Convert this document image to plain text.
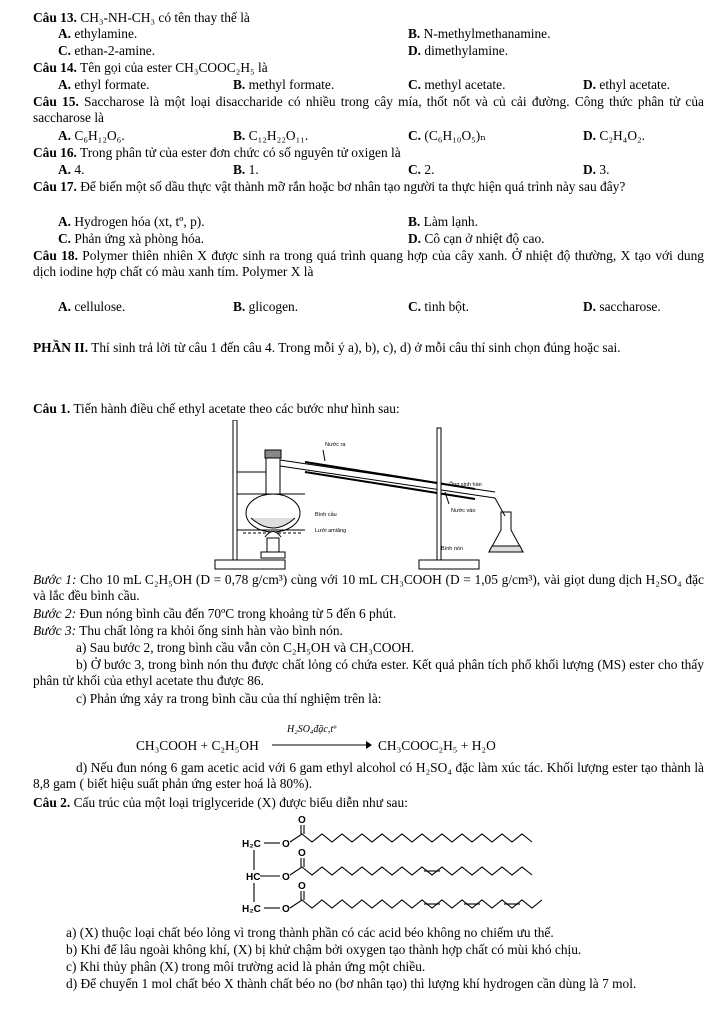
Câu 13. CH₃-NH-CH₃ có tên thay thế là
A. ethylamine.	B. N-methylmethanamine.
C. ethan-2-amine.	D. dimethylamine.
Câu 14. Tên gọi của ester CH₃COOC₂H₅ là
A. ethyl formate.	B. methyl formate.	C. methyl acetate.	D. ethyl acetate.
Câu 15. Saccharose là một loại disaccharide có nhiều trong cây mía, thốt nốt và củ cải đường. Công thức phân tử của saccharose là
A. C₆H₁₂O₆.	B. C₁₂H₂₂O₁₁.	C. (C₆H₁₀O₅)ₙ	D. C₂H₄O₂.
Câu 16. Trong phân tử của ester đơn chức có số nguyên tử oxigen là
A. 4.	B. 1.	C. 2.	D. 3.
Câu 17. Để biến một số dầu thực vật thành mỡ rắn hoặc bơ nhân tạo người ta thực hiện quá trình này sau đây?
A. Hydrogen hóa (xt, tº, p).	B. Làm lạnh.
C. Phản ứng xà phòng hóa.	D. Cô cạn ở nhiệt độ cao.
Câu 18. Polymer thiên nhiên X được sinh ra trong quá trình quang hợp của cây xanh. Ở nhiệt độ thường, X tạo với dung dịch iodine hợp chất có màu xanh tím. Polymer X là
A. cellulose.	B. glicogen.	C. tinh bột.	D. saccharose.
PHẦN II. Thí sinh trả lời từ câu 1 đến câu 4. Trong mỗi ý a), b), c), d) ở mỗi câu thí sinh chọn đúng hoặc sai.
Câu 1. Tiến hành điều chế ethyl acetate theo các bước như hình sau:
Nước ra
Ống sinh hàn
Nước vào
Bình cầu
Lưới amiăng
Bình nón
Bước 1: Cho 10 mL C₂H₅OH (D = 0,78 g/cm³) cùng với 10 mL CH₃COOH (D = 1,05 g/cm³), vài giọt dung dịch H₂SO₄ đặc và lắc đều bình cầu.
Bước 2: Đun nóng bình cầu đến 70ºC trong khoảng từ 5 đến 6 phút.
Bước 3: Thu chất lỏng ra khỏi ống sinh hàn vào bình nón.
a) Sau bước 2, trong bình cầu vẫn còn C₂H₅OH và CH₃COOH.
b) Ở bước 3, trong bình nón thu được chất lỏng có chứa ester. Kết quả phân tích phổ khối lượng (MS) ester cho thấy phân tử khối của ethyl acetate thu được 86.
c) Phản ứng xảy ra trong bình cầu của thí nghiệm trên là:
CH₃COOH + C₂H₅OH
H₂SO₄đặc,tº
CH₃COOC₂H₅ + H₂O
d) Nếu đun nóng 6 gam acetic acid với 6 gam ethyl alcohol có H₂SO₄ đặc làm xúc tác. Khối lượng ester tạo thành là 8,8 gam ( biết hiệu suất phản ứng ester hoá là 80%).
Câu 2. Cấu trúc của một loại triglyceride (X) được biểu diễn như sau:
H₂C
HC
H₂C
O
O
O
O
O
O
a) (X) thuộc loại chất béo lỏng vì trong thành phần có các acid béo không no chiếm ưu thế.
b) Khi để lâu ngoài không khí, (X) bị khử chậm bởi oxygen tạo thành hợp chất có mùi khó chịu.
c) Khi thủy phân (X) trong môi trường acid là phản ứng một chiều.
d) Để chuyển 1 mol chất béo X thành chất béo no (bơ nhân tạo) thì lượng khí hydrogen cần dùng là 7 mol.
